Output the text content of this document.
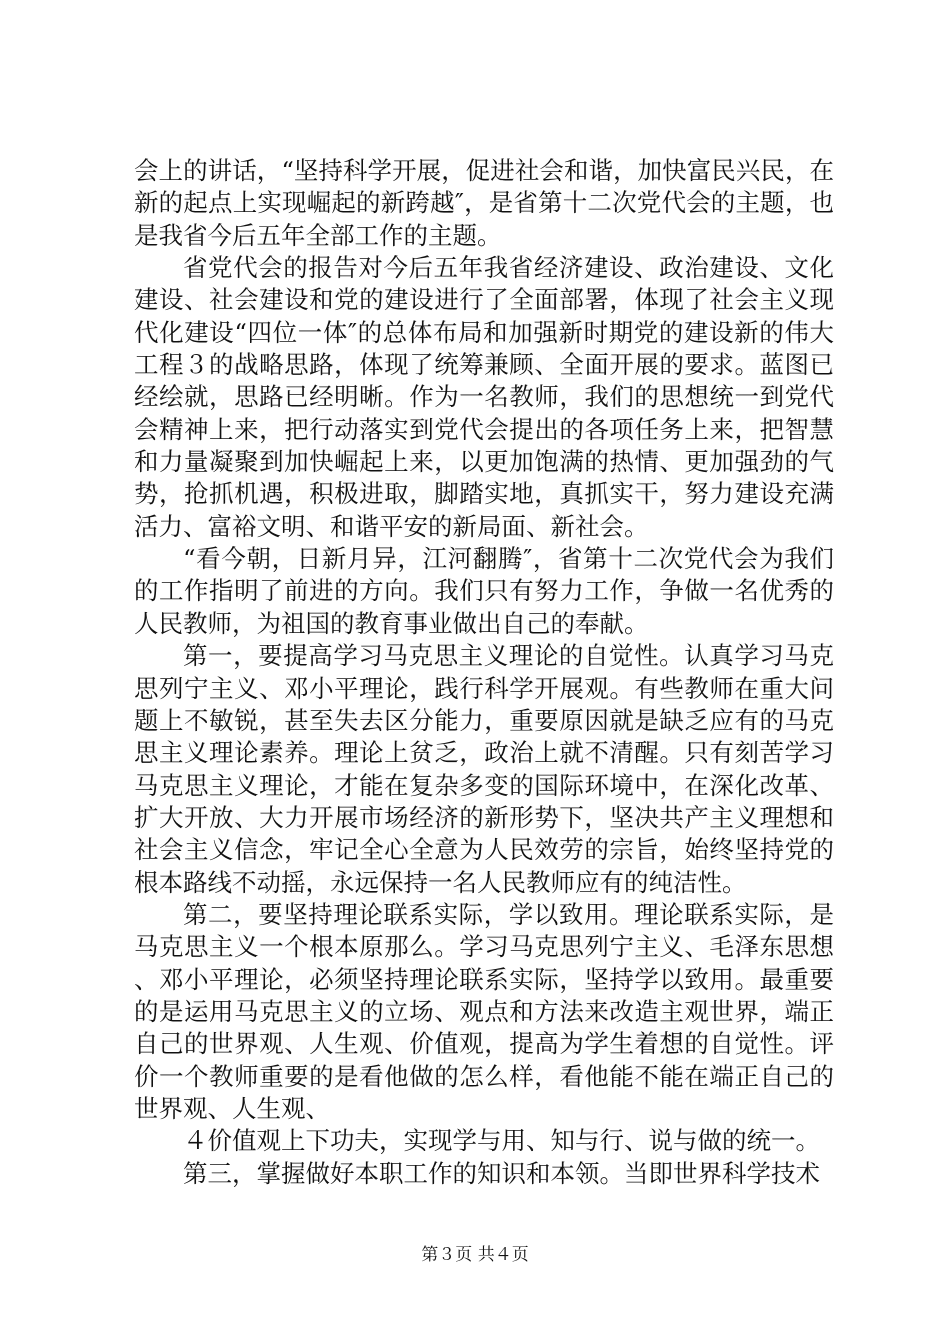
会上的讲话，“坚持科学开展，促进社会和谐，加快富民兴民，在新的起点上实现崛起的新跨越″，是省第十二次党代会的主题，也是我省今后五年全部工作的主题。

省党代会的报告对今后五年我省经济建设、政治建设、文化建设、社会建设和党的建设进行了全面部署，体现了社会主义现代化建设“四位一体″的总体布局和加强新时期党的建设新的伟大工程３的战略思路，体现了统筹兼顾、全面开展的要求。蓝图已经绘就，思路已经明晰。作为一名教师，我们的思想统一到党代会精神上来，把行动落实到党代会提出的各项任务上来，把智慧和力量凝聚到加快崛起上来，以更加饱满的热情、更加强劲的气势，抢抓机遇，积极进取，脚踏实地，真抓实干，努力建设充满活力、富裕文明、和谐平安的新局面、新社会。

“看今朝，日新月异，江河翻腾″，省第十二次党代会为我们的工作指明了前进的方向。我们只有努力工作，争做一名优秀的人民教师，为祖国的教育事业做出自己的奉献。

第一，要提高学习马克思主义理论的自觉性。认真学习马克思列宁主义、邓小平理论，践行科学开展观。有些教师在重大问题上不敏锐，甚至失去区分能力，重要原因就是缺乏应有的马克思主义理论素养。理论上贫乏，政治上就不清醒。只有刻苦学习马克思主义理论，才能在复杂多变的国际环境中，在深化改革、扩大开放、大力开展市场经济的新形势下，坚决共产主义理想和社会主义信念，牢记全心全意为人民效劳的宗旨，始终坚持党的根本路线不动摇，永远保持一名人民教师应有的纯洁性。

第二，要坚持理论联系实际，学以致用。理论联系实际，是马克思主义一个根本原那么。学习马克思列宁主义、毛泽东思想、邓小平理论，必须坚持理论联系实际，坚持学以致用。最重要的是运用马克思主义的立场、观点和方法来改造主观世界，端正自己的世界观、人生观、价值观，提高为学生着想的自觉性。评价一个教师重要的是看他做的怎么样，看他能不能在端正自己的世界观、人生观、

４价值观上下功夫，实现学与用、知与行、说与做的统一。

第三，掌握做好本职工作的知识和本领。当即世界科学技术

第３页 共４页
